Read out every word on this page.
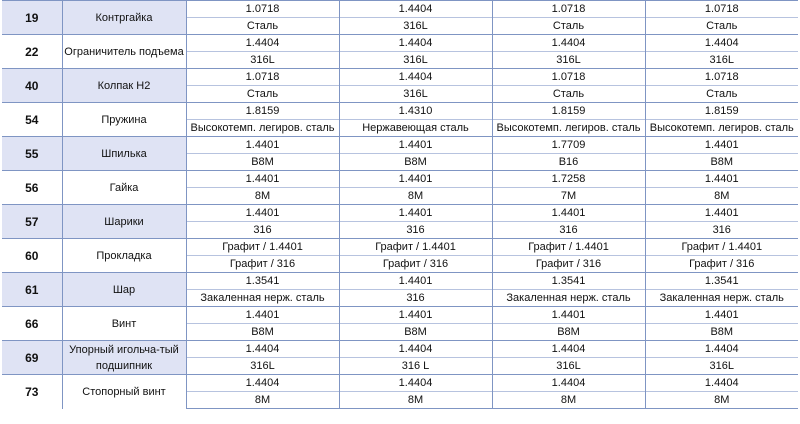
19	Контргайка	1.0718	1.4404	1.0718	1.0718
		Сталь	316L	Сталь	Сталь
22	Ограничитель подъема	1.4404	1.4404	1.4404	1.4404
		316L	316L	316L	316L
40	Колпак H2	1.0718	1.4404	1.0718	1.0718
		Сталь	316L	Сталь	Сталь
54	Пружина	1.8159	1.4310	1.8159	1.8159
		Высокотемп. легиров. сталь	Нержавеющая сталь	Высокотемп. легиров. сталь	Высокотемп. легиров. сталь
55	Шпилька	1.4401	1.4401	1.7709	1.4401
		B8M	B8M	B16	B8M
56	Гайка	1.4401	1.4401	1.7258	1.4401
		8M	8M	7M	8M
57	Шарики	1.4401	1.4401	1.4401	1.4401
		316	316	316	316
60	Прокладка	Графит / 1.4401	Графит / 1.4401	Графит / 1.4401	Графит / 1.4401
		Графит / 316	Графит / 316	Графит / 316	Графит / 316
61	Шар	1.3541	1.4401	1.3541	1.3541
		Закаленная нерж. сталь	316	Закаленная нерж. сталь	Закаленная нерж. сталь
66	Винт	1.4401	1.4401	1.4401	1.4401
		B8M	B8M	B8M	B8M
69	Упорный игольча-тый подшипник	1.4404	1.4404	1.4404	1.4404
		316L	316 L	316L	316L
73	Стопорный винт	1.4404	1.4404	1.4404	1.4404
		8M	8M	8M	8M
